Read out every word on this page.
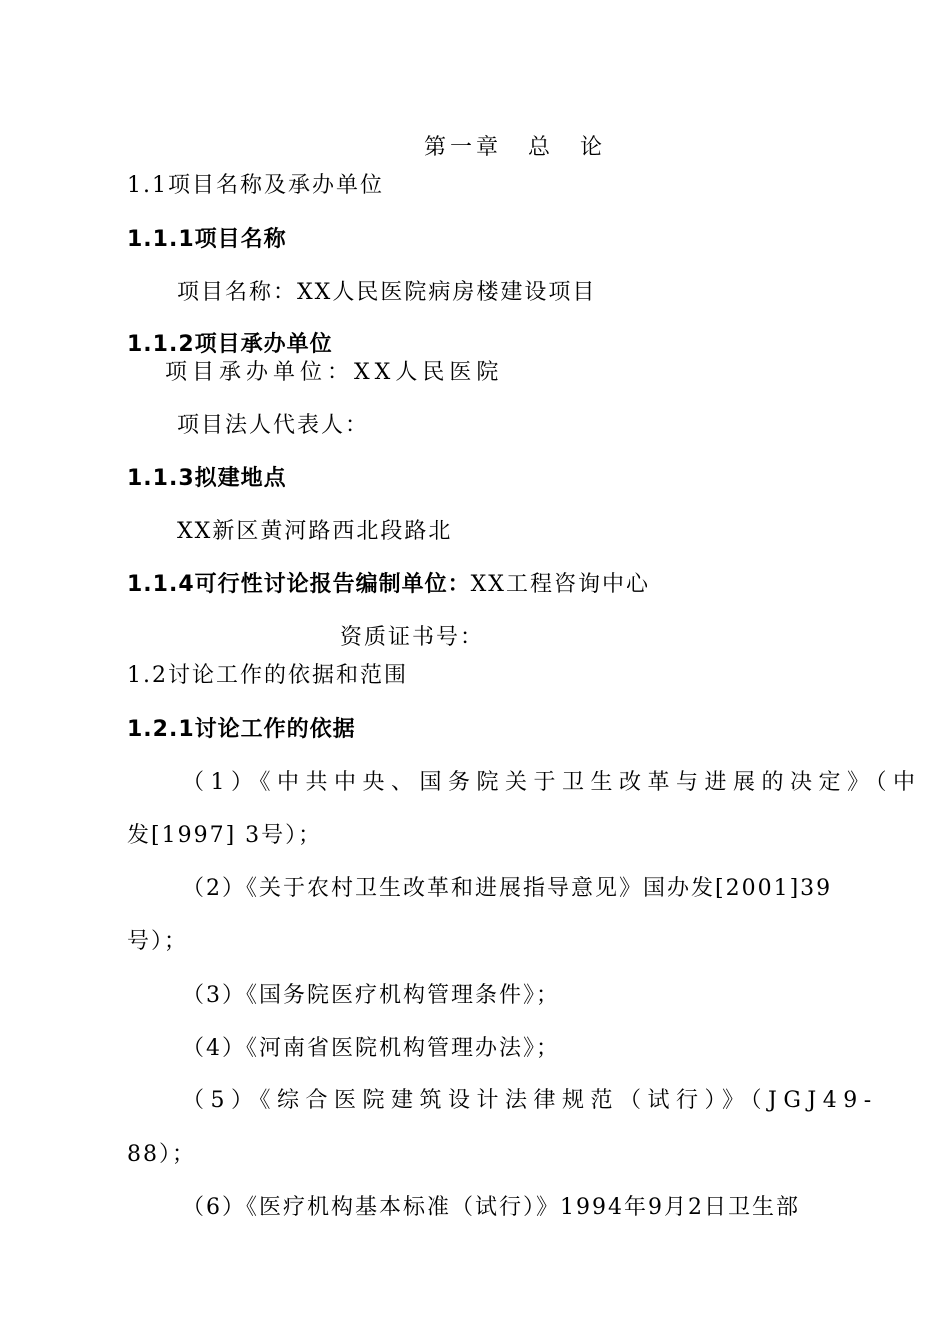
第一章 总 论
1.1项目名称及承办单位
1.1.1项目名称
项目名称：XX人民医院病房楼建设项目
1.1.2项目承办单位
项目承办单位：XX人民医院
项目法人代表人：
1.1.3拟建地点
XX新区黄河路西北段路北
1.1.4可行性讨论报告编制单位：XX工程咨询中心
资质证书号：
1.2讨论工作的依据和范围
1.2.1讨论工作的依据
（1）《中共中央、国务院关于卫生改革与进展的决定》（中
发[1997] 3号）；
（2）《关于农村卫生改革和进展指导意见》国办发[2001]39
号）；
（3）《国务院医疗机构管理条件》；
（4）《河南省医院机构管理办法》；
（5）《综合医院建筑设计法律规范（试行）》（JGJ49-
88）；
（6）《医疗机构基本标准（试行）》1994年9月2日卫生部
